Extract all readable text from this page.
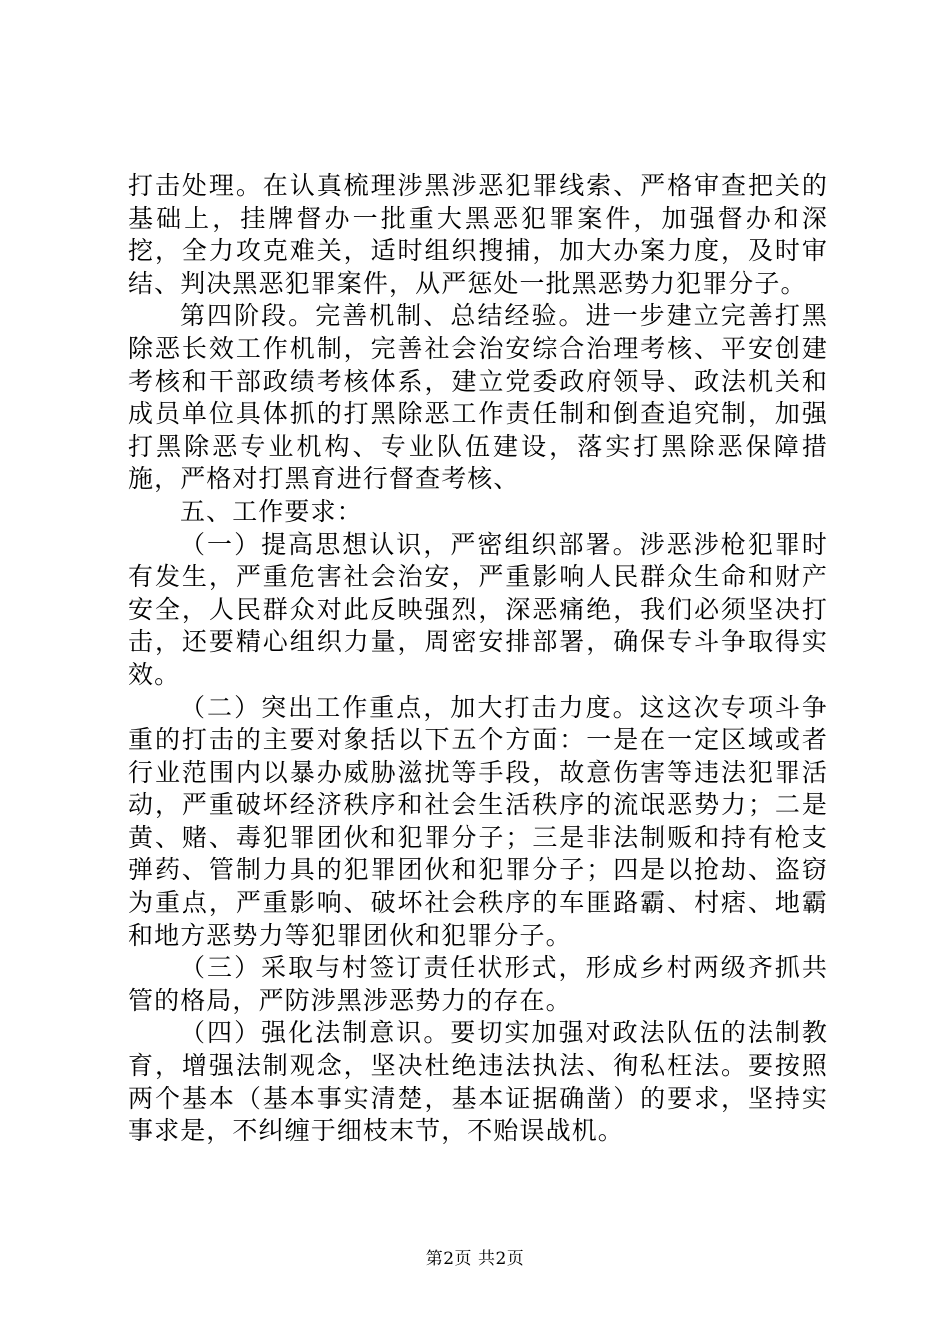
打击处理。在认真梳理涉黑涉恶犯罪线索、严格审查把关的基础上，挂牌督办一批重大黑恶犯罪案件，加强督办和深挖，全力攻克难关，适时组织搜捕，加大办案力度，及时审结、判决黑恶犯罪案件，从严惩处一批黑恶势力犯罪分子。

第四阶段。完善机制、总结经验。进一步建立完善打黑除恶长效工作机制，完善社会治安综合治理考核、平安创建考核和干部政绩考核体系，建立党委政府领导、政法机关和成员单位具体抓的打黑除恶工作责任制和倒查追究制，加强打黑除恶专业机构、专业队伍建设，落实打黑除恶保障措施，严格对打黑育进行督查考核、

五、工作要求：

（一）提高思想认识，严密组织部署。涉恶涉枪犯罪时有发生，严重危害社会治安，严重影响人民群众生命和财产安全，人民群众对此反映强烈，深恶痛绝，我们必须坚决打击，还要精心组织力量，周密安排部署，确保专斗争取得实效。

（二）突出工作重点，加大打击力度。这这次专项斗争重的打击的主要对象括以下五个方面：一是在一定区域或者行业范围内以暴办威胁滋扰等手段，故意伤害等违法犯罪活动，严重破坏经济秩序和社会生活秩序的流氓恶势力；二是黄、赌、毒犯罪团伙和犯罪分子；三是非法制贩和持有枪支弹药、管制力具的犯罪团伙和犯罪分子；四是以抢劫、盗窃为重点，严重影响、破坏社会秩序的车匪路霸、村痞、地霸和地方恶势力等犯罪团伙和犯罪分子。

（三）采取与村签订责任状形式，形成乡村两级齐抓共管的格局，严防涉黑涉恶势力的存在。

（四）强化法制意识。要切实加强对政法队伍的法制教育，增强法制观念，坚决杜绝违法执法、徇私枉法。要按照两个基本（基本事实清楚，基本证据确凿）的要求，坚持实事求是，不纠缠于细枝末节，不贻误战机。

第2页 共2页
